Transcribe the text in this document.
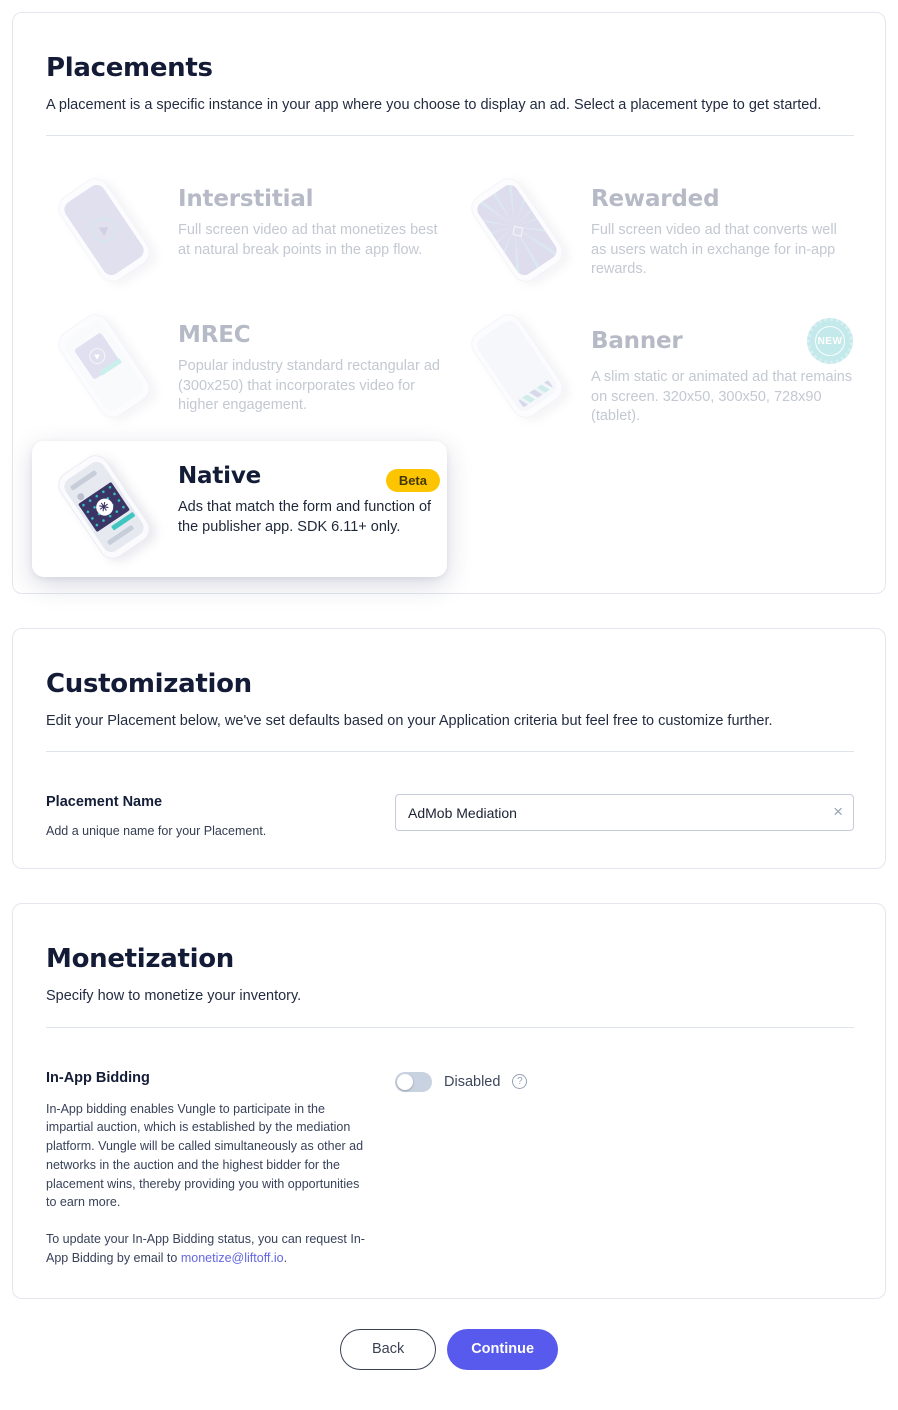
Placements

A placement is a specific instance in your app where you choose to display an ad. Select a placement type to get started.

Interstitial

Full screen video ad that monetizes best at natural break points in the app flow.

◇
Rewarded

Full screen video ad that converts well as users watch in exchange for in-app rewards.

MREC

Popular industry standard rectangular ad (300x250) that incorporates video for higher engagement.

Banner	NEW

A slim static or animated ad that remains on screen. 320x50, 300x50, 728x90 (tablet).

✳
Native	Beta

Ads that match the form and function of the publisher app. SDK 6.11+ only.

Customization

Edit your Placement below, we've set defaults based on your Application criteria but feel free to customize further.

Placement Name

Add a unique name for your Placement.

AdMob Mediation
×
Monetization

Specify how to monetize your inventory.

In-App Bidding

In-App bidding enables Vungle to participate in the impartial auction, which is established by the mediation platform. Vungle will be called simultaneously as other ad networks in the auction and the highest bidder for the placement wins, thereby providing you with opportunities to earn more.

To update your In-App Bidding status, you can request In-App Bidding by email to monetize@liftoff.io.

Disabled	?
Back	Continue
